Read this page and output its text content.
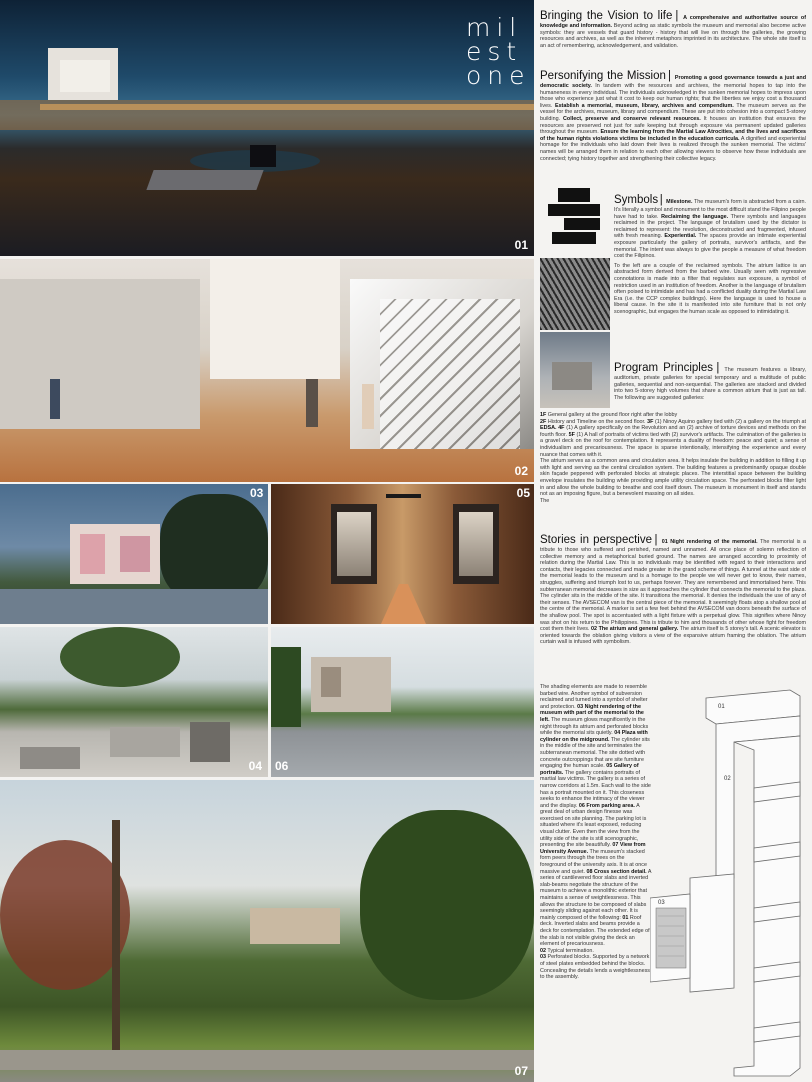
01
mil
est
one
02
03	05
04 06
07
Bringing the Vision to life | A comprehensive and authoritative source of knowledge and information. Beyond acting as static symbols the museum and memorial also become active symbols: they are vessels that guard history - history that will live on through the galleries, the growing resources and archives, as well as the inherent metaphors imprinted in its architecture. The whole site itself is an act of remembering, acknowledgement, and validation.
Personifying the Mission | Promoting a good governance towards a just and democratic society. In tandem with the resources and archives, the memorial hopes to tap into the humaneness in every individual. The individuals acknowledged in the sunken memorial hopes to impress upon those who experience just what it cost to keep our human rights; that the liberties we enjoy cost a thousand lives. Establish a memorial, museum, library, archives and compendium. The museum serves as the vessel for the archives, museum, library and compendium. These are put into cohesion into a compact 5-storey building. Collect, preserve and conserve relevant resources. It houses an institution that ensures the resources are preserved not just for safe keeping but through exposure via permanent updated galleries throughout the museum. Ensure the learning from the Martial Law Atrocities, and the lives and sacrifices of the human rights violations victims be included in the education curricula. A dignified and experiential homage for the individuals who laid down their lives is realized through the sunken memorial. The victims' names will be arranged them in relation to each other allowing viewers to observe how these individuals are connected; tying history together and strengthening their collective legacy.
Symbols | Milestone. The museum's form is abstracted from a cairn. It's literally a symbol and monument to the most difficult stand the Filipino people have had to take. Reclaiming the language. There symbols and languages reclaimed in the project. The language of brutalism used by the dictator is reclaimed to represent: the revolution, deconstructed and fragmented, infused with fresh meaning. Experiential. The spaces provide an intimate experiential exposure particularly the gallery of portraits, survivor's artifacts, and the memorial. The intent was always to give the people a measure of what freedom cost the Filipinos.

To the left are a couple of the reclaimed symbols. The atrium lattice is an abstracted form derived from the barbed wire. Usually seen with regressive connotations is made into a filter that regulates sun exposure, a symbol of restriction used in an institution of freedom. Another is the language of brutalism often poised to intimidate and has had a conflicted duality during the Martial Law Era (i.e. the CCP complex buildings). Here the language is used to house a liberal cause. In the site it is manifested into site furniture that is not only scenographic, but engages the human scale as opposed to intimidating it.

Program Principles | The museum features a library, auditorium, private galleries for special temporary and a multitude of public galleries, sequential and non-sequential. The galleries are stacked and divided into two 5-storey high volumes that share a common atrium that is just as tall. The following are suggested galleries:
1F General gallery at the ground floor right after the lobby
2F History and Timeline on the second floor. 3F (1) Ninoy Aquino gallery tied with (2) a gallery on the triumph at EDSA. 4F (1) A gallery specifically on the Revolution and an (2) archive of torture devices and methods on the fourth floor. 5F (1) A hall of portraits of victims tied with (2) survivor's artifacts. The culmination of the galleries is a gravel deck on the roof for contemplation. It represents a duality of freedom: peace and quiet; a sense of individualism and precariousness. The space is sparse intentionally, intensifying the experience and every nuance that comes with it.
The atrium serves as a common area and circulation area. It helps insulate the building in addition to filling it up with light and serving as the central circulation system. The building features a predominantly opaque double skin façade peppered with perforated blocks at strategic places. The interstitial space between the building envelope insulates the building while providing ample utility circulation space. The perforated blocks filter light in and allow the whole building to breathe and cool itself down. The museum is monument in itself and stands not as an imposing figure, but a benevolent massing on all sides.
The
Stories in perspective | 01 Night rendering of the memorial. The memorial is a tribute to those who suffered and perished, named and unnamed. All once place of solemn reflection of collective memory and a metaphorical buried ground. The names are arranged according to proximity of relation during the Martial Law. This is so individuals may be identified with regard to their interactions and contacts, their legacies connected and made greater in the grand scheme of things. A tunnel at the east side of the memorial leads to the museum and is a homage to the people we will never get to know, their names, struggles, suffering and triumph lost to us, perhaps forever. They are remembered and immortalised here. This subterranean memorial decreases in size as it approaches the cylinder that connects the memorial to the plaza. The cylinder sits in the middle of the site. It transitions the memorial. It denies the individuals the use of any of their senses. The AVSECOM van is the central piece of the memorial. It seemingly floats atop a shallow pool at the centre of the memorial. A marker is set a few feet behind the AVSECOM van doors beneath the surface of the shallow pool. The spot is accentuated with a light fixture with a perpetual glow. This signifies where Ninoy was shot on his return to the Philippines. This is tribute to him and thousands of other whose fight for freedom cost them their lives. 02 The atrium and general gallery. The atrium itself is 5 storey's tall. A scenic elevator is oriented towards the oblation giving visitors a view of the expansive atrium framing the oblation. The atrium curtain wall is infused with symbolism.
The shading elements are made to resemble barbed wire. Another symbol of subversion reclaimed and turned into a symbol of shelter and protection. 03 Night rendering of the museum with part of the memorial to the left. The museum glows magnificently in the night through its atrium and perforated blocks while the memorial sits quietly. 04 Plaza with cylinder on the midground. The cylinder sits in the middle of the site and terminates the subterranean memorial. The site dotted with concrete outcroppings that are site furniture engaging the human scale. 05 Gallery of portraits. The gallery contains portraits of martial law victims. The gallery is a series of narrow corridors at 1.5m. Each wall to the side has a portrait mounted on it. This closeness seeks to enhance the intimacy of the viewer and the display. 06 From parking area. A great deal of urban design finesse was exercised on site planning. The parking lot is situated where it's least exposed, reducing visual clutter. Even then the view from the utility side of the site is still scenographic, presenting the site beautifully. 07 View from University Avenue. The museum's stacked form peers through the trees on the foreground of the university axis. It is at once massive and quiet. 08 Cross section detail. A series of cantilevered floor slabs and inverted slab-beams negotiate the structure of the museum to achieve a monolithic exterior that maintains a sense of weightlessness. This allows the structure to be composed of slabs seemingly sliding against each other. It is mainly composed of the following: 01 Roof deck. Inverted slabs and beams provide a deck for contemplation. The extended edge of the slab is not visible giving the deck an element of precariousness.
02 Typical termination.
03 Perforated blocks. Supported by a network of steel plates embedded behind the blocks. Concealing the details lends a weightlessness to the assembly.
01
02
03
